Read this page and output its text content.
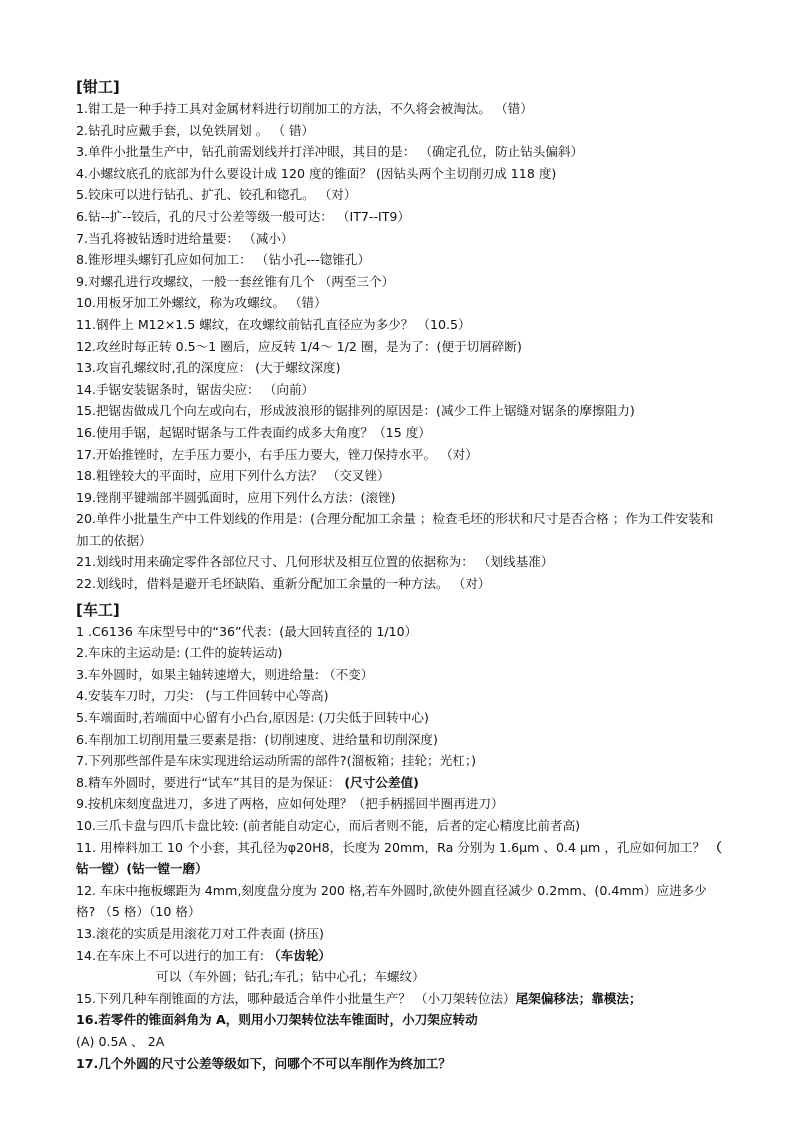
[钳工]
1.钳工是一种手持工具对金属材料进行切削加工的方法，不久将会被淘汰。 （错）
2.钻孔时应戴手套，以免铁屑划 。 （ 错）
3.单件小批量生产中，钻孔前需划线并打洋冲眼，其目的是： （确定孔位，防止钻头偏斜）
4.小螺纹底孔的底部为什么要设计成 120 度的锥面？ (因钻头两个主切削刃成 118 度)
5.铰床可以进行钻孔、扩孔、铰孔和锪孔。 （对）
6.钻--扩--铰后，孔的尺寸公差等级一般可达： （IT7--IT9）
7.当孔将被钻透时进给量要： （减小）
8.锥形埋头螺钉孔应如何加工： （钻小孔---锪锥孔）
9.对螺孔进行攻螺纹，一般一套丝锥有几个 （两至三个）
10.用板牙加工外螺纹，称为攻螺纹。 （错）
11.钢件上 M12×1.5 螺纹，在攻螺纹前钻孔直径应为多少？ （10.5）
12.攻丝时每正转 0.5～1 圈后，应反转 1/4～ 1/2 圈，是为了：(便于切屑碎断)
13.攻盲孔螺纹时,孔的深度应： (大于螺纹深度)
14.手锯安装锯条时，锯齿尖应： （向前）
15.把锯齿做成几个向左或向右，形成波浪形的锯排列的原因是：(减少工件上锯缝对锯条的摩擦阻力)
16.使用手锯，起锯时锯条与工件表面约成多大角度？（15 度）
17.开始推锉时，左手压力要小，右手压力要大，锉刀保持水平。 （对）
18.粗锉较大的平面时，应用下列什么方法？ （交叉锉）
19.锉削平键端部半圆弧面时，应用下列什么方法：(滚锉)
20.单件小批量生产中工件划线的作用是：(合理分配加工余量 ；检查毛坯的形状和尺寸是否合格 ；作为工件安装和加工的依据）
21.划线时用来确定零件各部位尺寸、几何形状及相互位置的依据称为： （划线基准）
22.划线时，借料是避开毛坯缺陷、重新分配加工余量的一种方法。 （对）
[车工]
1 .C6136 车床型号中的“36”代表：(最大回转直径的 1/10）
2.车床的主运动是: (工件的旋转运动)
3.车外圆时，如果主轴转速增大，则进给量: （不变）
4.安装车刀时，刀尖： (与工件回转中心等高)
5.车端面时,若端面中心留有小凸台,原因是: (刀尖低于回转中心)
6.车削加工切削用量三要素是指：(切削速度、进给量和切削深度)
7.下列那些部件是车床实现进给运动所需的部件?(溜板箱；挂轮；光杠；)
8.精车外圆时，要进行“试车”其目的是为保证： (尺寸公差值)
9.按机床刻度盘进刀，多进了两格，应如何处理？（把手柄摇回半圈再进刀）
10.三爪卡盘与四爪卡盘比较: (前者能自动定心，而后者则不能，后者的定心精度比前者高)
11. 用棒料加工 10 个小套，其孔径为φ20H8，长度为 20mm，Ra 分别为 1.6μm 、0.4 μm ，孔应如何加工？ （ 钻一镗）(钻一镗一磨）
12. 车床中拖板螺距为 4mm,刻度盘分度为 200 格,若车外圆时,欲使外圆直径减少 0.2mm、(0.4mm）应进多少格? （5 格）（10 格）
13.滚花的实质是用滚花刀对工件表面 (挤压)
14.在车床上不可以进行的加工有: （车齿轮）
可以（车外圆；钻孔;车孔；钻中心孔；车螺纹）
15.下列几种车削锥面的方法，哪种最适合单件小批量生产？ （小刀架转位法）尾架偏移法；靠模法；
16.若零件的锥面斜角为 A，则用小刀架转位法车锥面时，小刀架应转动
(A) 0.5A 、 2A
17.几个外圆的尺寸公差等级如下，问哪个不可以车削作为终加工？
